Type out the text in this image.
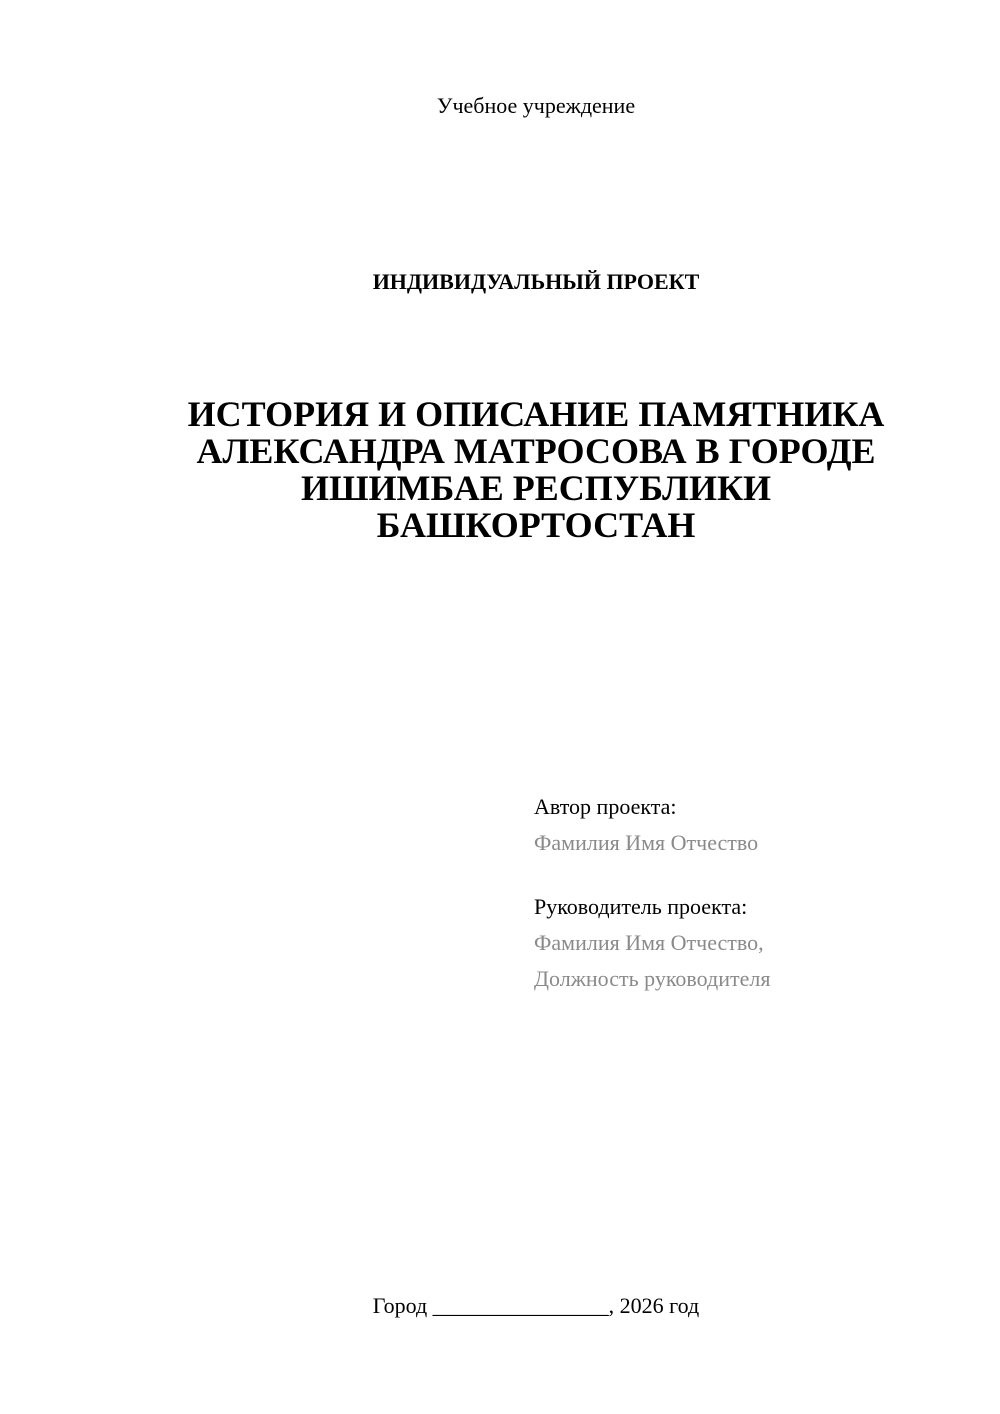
Учебное учреждение
ИНДИВИДУАЛЬНЫЙ ПРОЕКТ
ИСТОРИЯ И ОПИСАНИЕ ПАМЯТНИКА
АЛЕКСАНДРА МАТРОСОВА В ГОРОДЕ
ИШИМБАЕ РЕСПУБЛИКИ
БАШКОРТОСТАН
Автор проекта:
Фамилия Имя Отчество
Руководитель проекта:
Фамилия Имя Отчество,
Должность руководителя
Город ________________, 2026 год
